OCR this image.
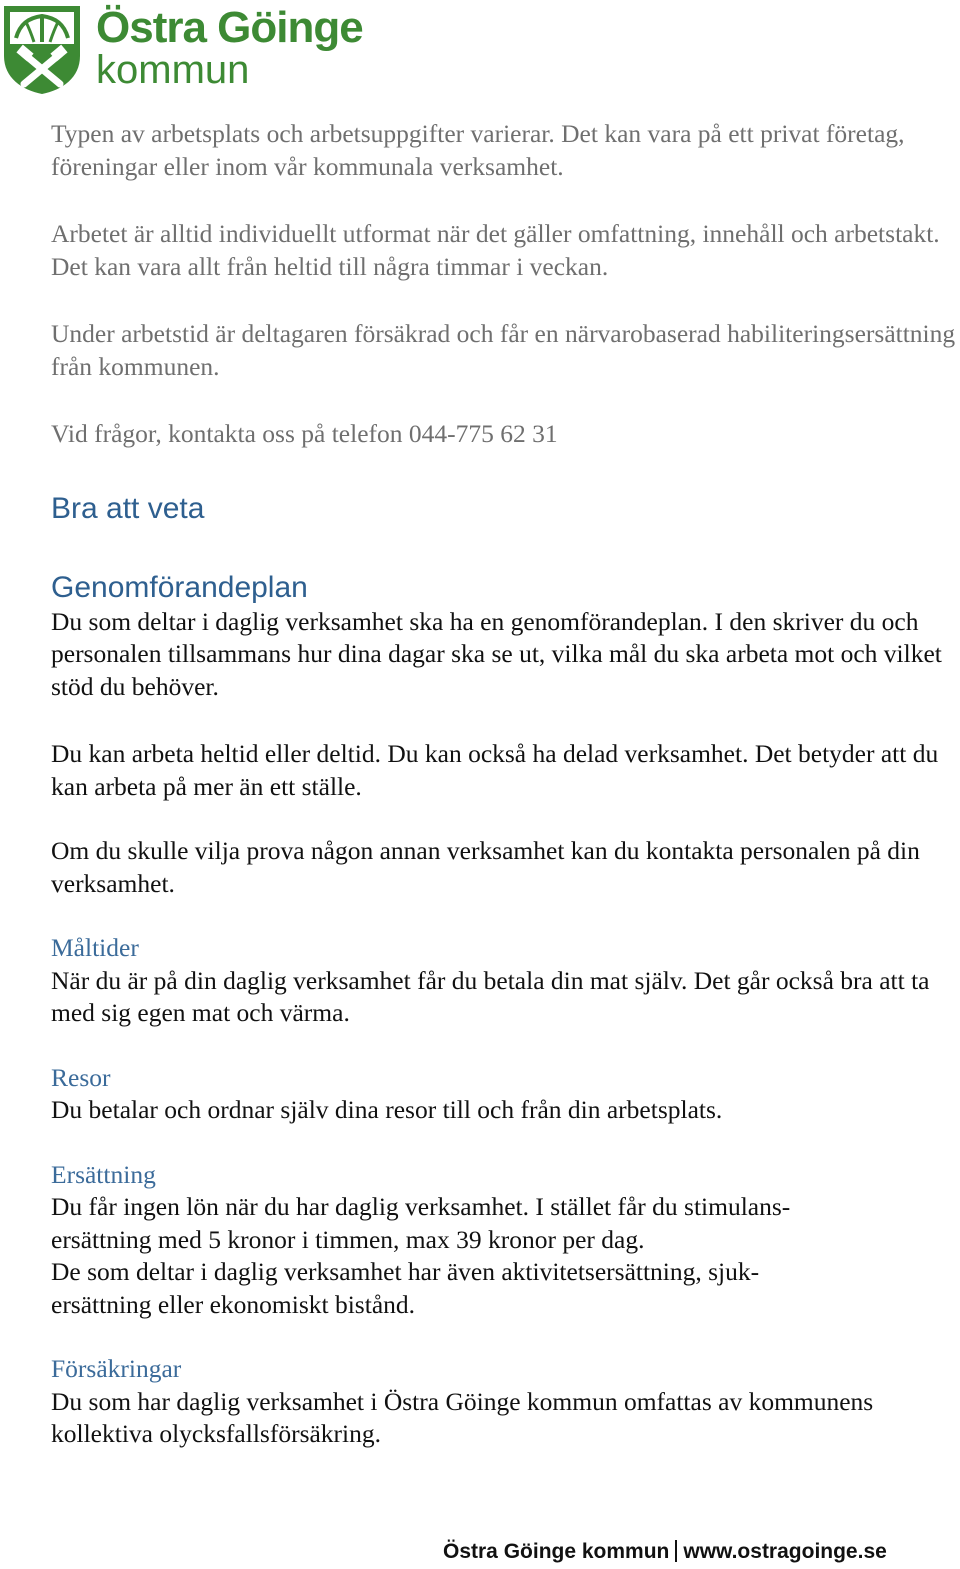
Östra Göinge
kommun

Typen av arbetsplats och arbetsuppgifter varierar. Det kan vara på ett privat företag, föreningar eller inom vår kommunala verksamhet.

Arbetet är alltid individuellt utformat när det gäller omfattning, innehåll och arbetstakt. Det kan vara allt från heltid till några timmar i veckan.

Under arbetstid är deltagaren försäkrad och får en närvarobaserad habiliteringsersättning från kommunen.

Vid frågor, kontakta oss på telefon 044-775 62 31

Bra att veta
Genomförandeplan

Du som deltar i daglig verksamhet ska ha en genomförandeplan. I den skriver du och personalen tillsammans hur dina dagar ska se ut, vilka mål du ska arbeta mot och vilket stöd du behöver.

Du kan arbeta heltid eller deltid. Du kan också ha delad verksamhet. Det betyder att du kan arbeta på mer än ett ställe.

Om du skulle vilja prova någon annan verksamhet kan du kontakta personalen på din verksamhet.

Måltider

När du är på din daglig verksamhet får du betala din mat själv. Det går också bra att ta med sig egen mat och värma.

Resor

Du betalar och ordnar själv dina resor till och från din arbetsplats.

Ersättning

Du får ingen lön när du har daglig verksamhet. I stället får du stimulans-

ersättning med 5 kronor i timmen, max 39 kronor per dag.

De som deltar i daglig verksamhet har även aktivitetsersättning, sjuk-

ersättning eller ekonomiskt bistånd.

Försäkringar

Du som har daglig verksamhet i Östra Göinge kommun omfattas av kommunens kollektiva olycksfallsförsäkring.

Östra Göinge kommun www.ostragoinge.se
